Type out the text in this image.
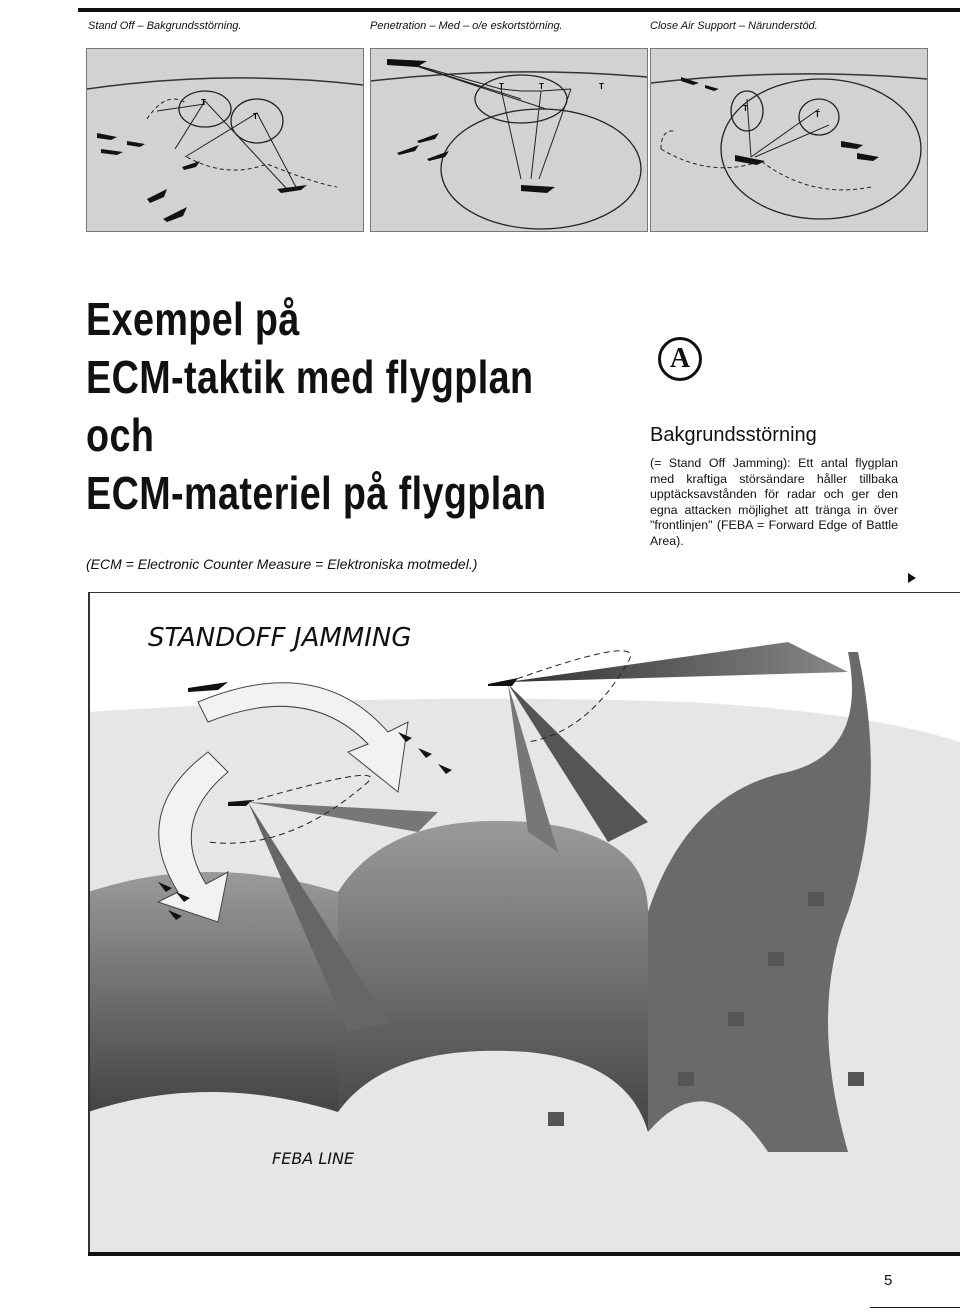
Stand Off – Bakgrundsstörning.	Penetration – Med – o/e eskortstörning.	Close Air Support – Närunderstöd.
T
T
T	T	T
T
T
Exempel på
ECM-taktik med flygplan
och
ECM-materiel på flygplan
(ECM = Electronic Counter Measure = Elektroniska motmedel.)
A
Bakgrundsstörning
(= Stand Off Jamming): Ett antal flygplan med kraftiga störsändare håller tillbaka upptäcksavstånden för radar och ger den egna attacken möjlighet att tränga in över "frontlinjen" (FEBA = Forward Edge of Battle Area).
STANDOFF JAMMING
FEBA LINE
5
